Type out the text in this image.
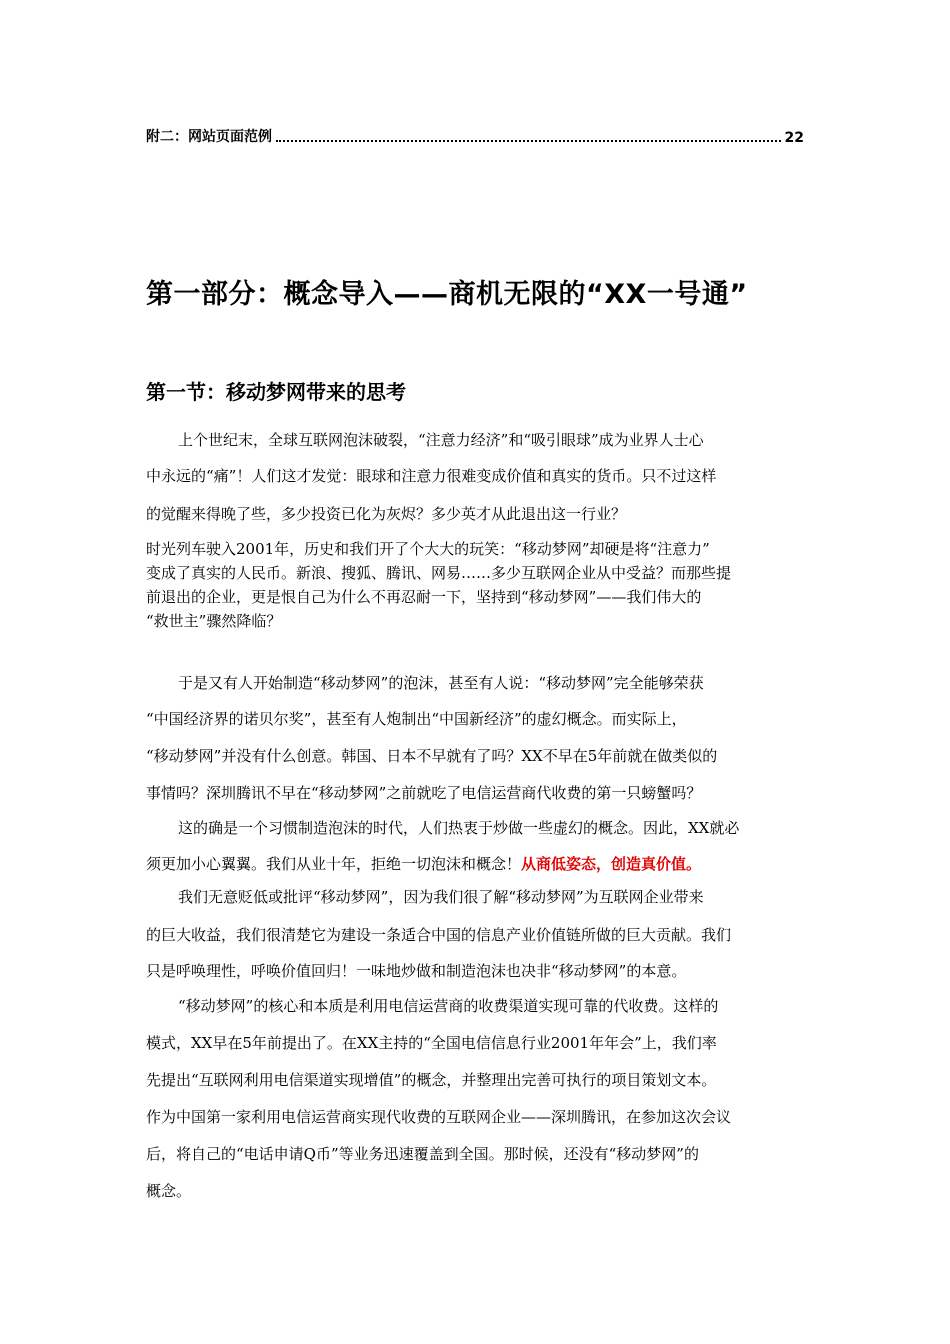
附二：网站页面范例	22
第一部分：概念导入——商机无限的“XX一号通”
第一节：移动梦网带来的思考
上个世纪末，全球互联网泡沫破裂，“注意力经济”和“吸引眼球”成为业界人士心
中永远的“痛”！人们这才发觉：眼球和注意力很难变成价值和真实的货币。只不过这样
的觉醒来得晚了些，多少投资已化为灰烬？多少英才从此退出这一行业？
时光列车驶入2001年，历史和我们开了个大大的玩笑：“移动梦网”却硬是将“注意力”
变成了真实的人民币。新浪、搜狐、腾讯、网易……多少互联网企业从中受益？而那些提
前退出的企业，更是恨自己为什么不再忍耐一下，坚持到“移动梦网”——我们伟大的
“救世主”骤然降临？
于是又有人开始制造“移动梦网”的泡沫，甚至有人说：“移动梦网”完全能够荣获
“中国经济界的诺贝尔奖”，甚至有人炮制出“中国新经济”的虚幻概念。而实际上，
“移动梦网”并没有什么创意。韩国、日本不早就有了吗？XX不早在5年前就在做类似的
事情吗？深圳腾讯不早在“移动梦网”之前就吃了电信运营商代收费的第一只螃蟹吗？
这的确是一个习惯制造泡沫的时代，人们热衷于炒做一些虚幻的概念。因此，XX就必
须更加小心翼翼。我们从业十年，拒绝一切泡沫和概念！从商低姿态，创造真价值。
我们无意贬低或批评“移动梦网”，因为我们很了解“移动梦网”为互联网企业带来
的巨大收益，我们很清楚它为建设一条适合中国的信息产业价值链所做的巨大贡献。我们
只是呼唤理性，呼唤价值回归！一味地炒做和制造泡沫也决非“移动梦网”的本意。
“移动梦网”的核心和本质是利用电信运营商的收费渠道实现可靠的代收费。这样的
模式，XX早在5年前提出了。在XX主持的“全国电信信息行业2001年年会”上，我们率
先提出“互联网利用电信渠道实现增值”的概念，并整理出完善可执行的项目策划文本。
作为中国第一家利用电信运营商实现代收费的互联网企业——深圳腾讯，在参加这次会议
后，将自己的“电话申请Q币”等业务迅速覆盖到全国。那时候，还没有“移动梦网”的
概念。
